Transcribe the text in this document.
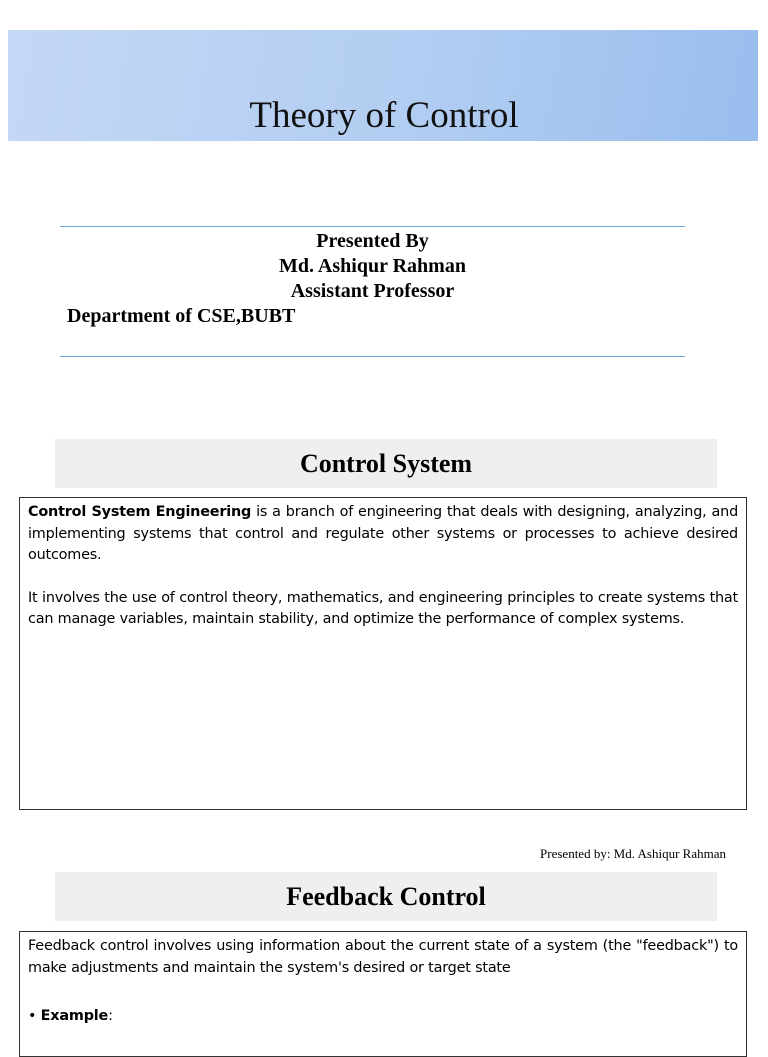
Theory of Control
Presented By
Md. Ashiqur Rahman
Assistant Professor
Department of CSE,BUBT
Control System

Control System Engineering is a branch of engineering that deals with designing, analyzing, and implementing systems that control and regulate other systems or processes to achieve desired outcomes.

It involves the use of control theory, mathematics, and engineering principles to create systems that can manage variables, maintain stability, and optimize the performance of complex systems.

Presented by: Md. Ashiqur Rahman
Feedback Control

Feedback control involves using information about the current state of a system (the "feedback") to make adjustments and maintain the system's desired or target state

• Example:
